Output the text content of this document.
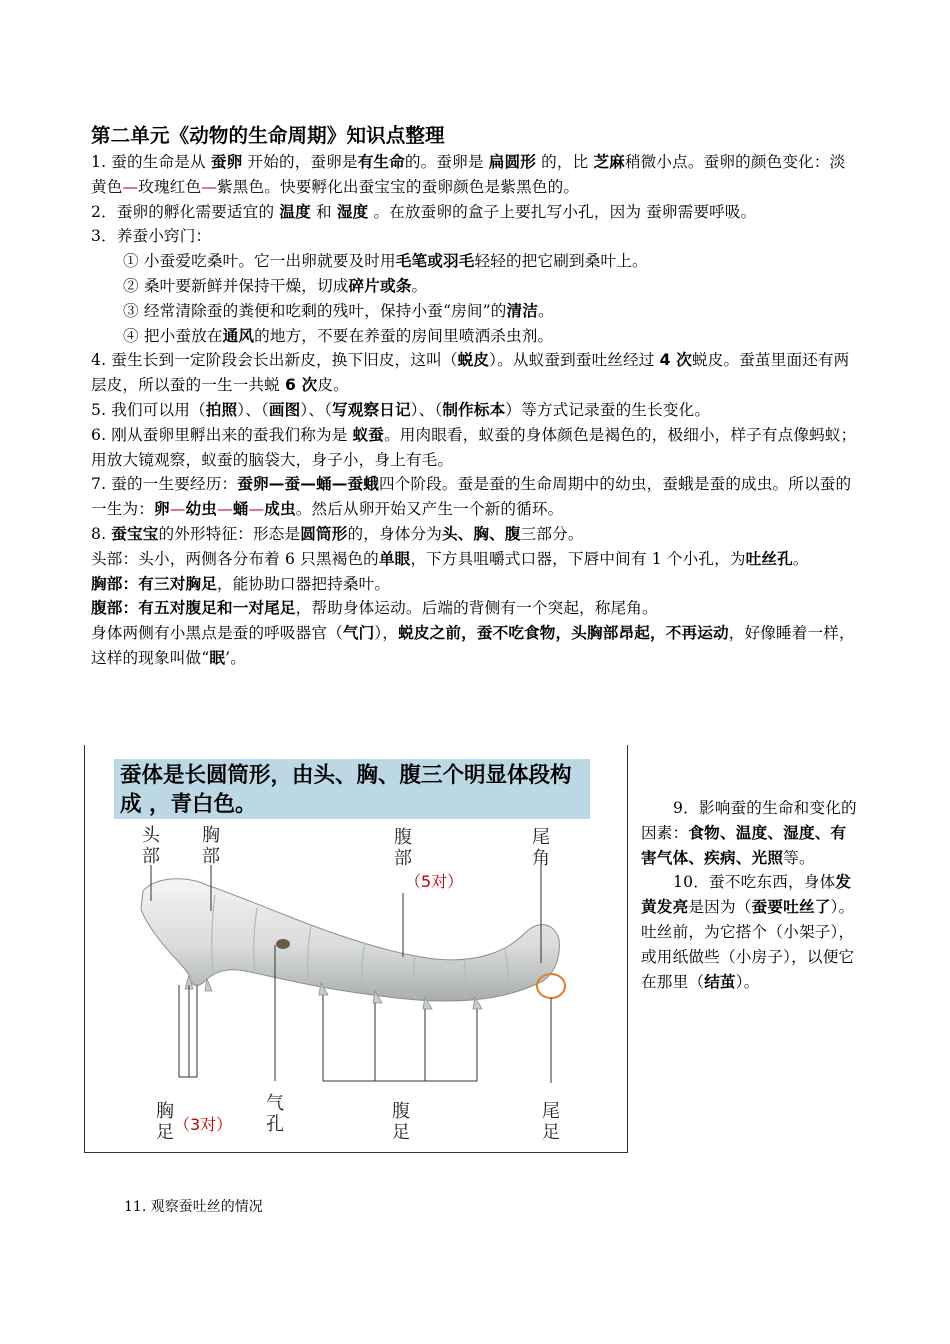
第二单元《动物的生命周期》知识点整理
1. 蚕的生命是从 蚕卵 开始的，蚕卵是有生命的。蚕卵是 扁圆形 的，比 芝麻稍微小点。蚕卵的颜色变化：淡黄色—玫瑰红色—紫黑色。快要孵化出蚕宝宝的蚕卵颜色是紫黑色的。
2．蚕卵的孵化需要适宜的 温度 和 湿度 。在放蚕卵的盒子上要扎写小孔，因为 蚕卵需要呼吸。
3．养蚕小窍门：
① 小蚕爱吃桑叶。它一出卵就要及时用毛笔或羽毛轻轻的把它刷到桑叶上。
② 桑叶要新鲜并保持干燥，切成碎片或条。
③ 经常清除蚕的粪便和吃剩的残叶，保持小蚕“房间”的清洁。
④ 把小蚕放在通风的地方，不要在养蚕的房间里喷洒杀虫剂。
4. 蚕生长到一定阶段会长出新皮，换下旧皮，这叫（蜕皮）。从蚁蚕到蚕吐丝经过 4 次蜕皮。蚕茧里面还有两层皮，所以蚕的一生一共蜕 6 次皮。
5. 我们可以用（拍照）、（画图）、（写观察日记）、（制作标本）等方式记录蚕的生长变化。
6. 刚从蚕卵里孵出来的蚕我们称为是 蚁蚕。用肉眼看，蚁蚕的身体颜色是褐色的，极细小，样子有点像蚂蚁；用放大镜观察，蚁蚕的脑袋大，身子小，身上有毛。
7. 蚕的一生要经历：蚕卵—蚕—蛹—蚕蛾四个阶段。蚕是蚕的生命周期中的幼虫，蚕蛾是蚕的成虫。所以蚕的一生为：卵—幼虫—蛹—成虫。然后从卵开始又产生一个新的循环。
8. 蚕宝宝的外形特征：形态是圆筒形的，身体分为头、胸、腹三部分。
头部：头小，两侧各分布着 6 只黑褐色的单眼，下方具咀嚼式口器，下唇中间有 1 个小孔，为吐丝孔。
胸部：有三对胸足，能协助口器把持桑叶。
腹部：有五对腹足和一对尾足，帮助身体运动。后端的背侧有一个突起，称尾角。
身体两侧有小黑点是蚕的呼吸器官（气门），蜕皮之前，蚕不吃食物，头胸部昂起，不再运动，好像睡着一样，这样的现象叫做“眠’。
蚕体是长圆筒形，由头、胸、腹三个明显体段构成 ，青白色。
头部
胸部
腹部
（5对）
尾角
胸足 （3对）
气孔
腹足
尾足
9．影响蚕的生命和变化的因素：食物、温度、湿度、有害气体、疾病、光照等。
10．蚕不吃东西，身体发黄发亮是因为（蚕要吐丝了）。吐丝前，为它搭个（小架子），或用纸做些（小房子），以便它在那里（结茧）。
11. 观察蚕吐丝的情况
